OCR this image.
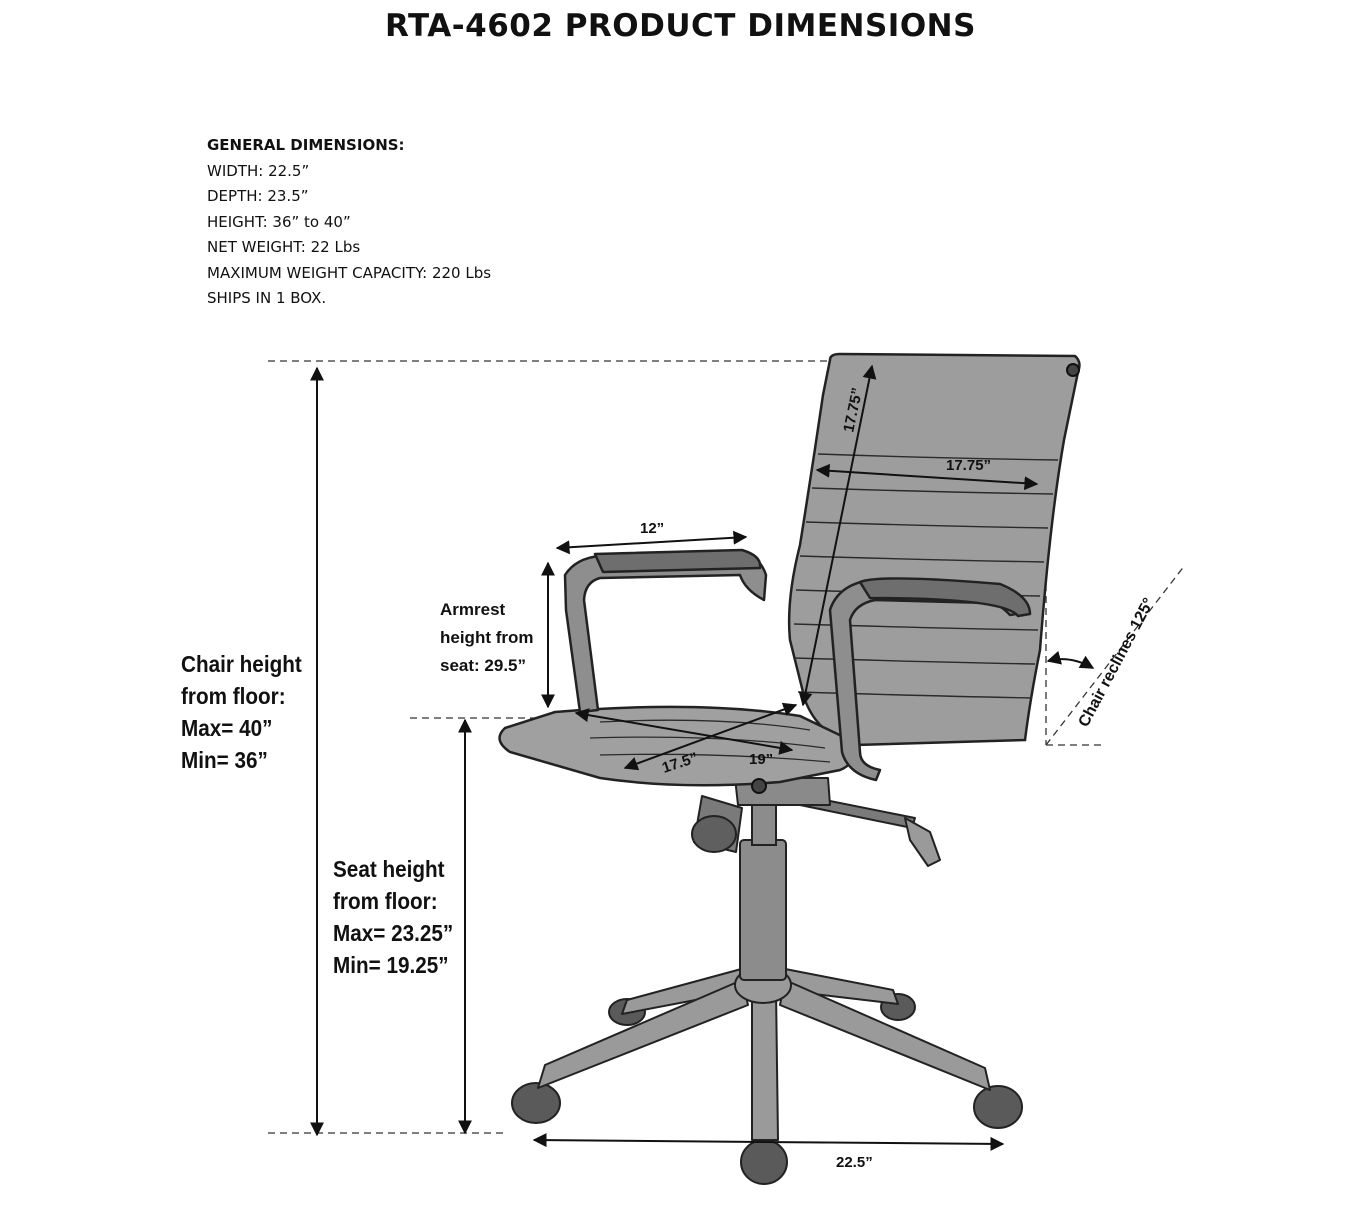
RTA-4602 PRODUCT DIMENSIONS
GENERAL DIMENSIONS:
WIDTH: 22.5”
DEPTH: 23.5”
HEIGHT: 36” to 40”
NET WEIGHT: 22 Lbs
MAXIMUM WEIGHT CAPACITY: 220 Lbs
SHIPS IN 1 BOX.
17.75”
17.75”
12”
17.5”	19”
22.5”
Chair reclines 125°
Chair height
from floor:
Max= 40”
Min= 36”
Seat height
from floor:
Max= 23.25”
Min= 19.25”
Armrest
height from
seat: 29.5”
